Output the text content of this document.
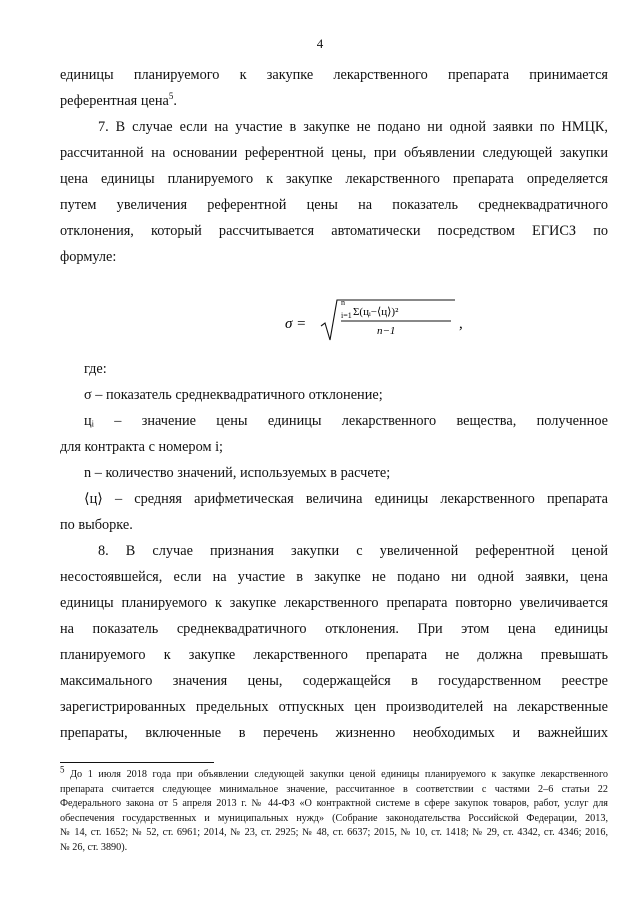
4

единицы планируемого к закупке лекарственного препарата принимается
референтная цена$^5$.

7. В случае если на участие в закупке не подано ни одной заявки по НМЦК,
рассчитанной на основании референтной цены, при объявлении следующей закупки
цена единицы планируемого к закупке лекарственного препарата определяется
путем увеличения референтной цены на показатель среднеквадратичного
отклонения, который рассчитывается автоматически посредством ЕГИСЗ по
формуле:

σ =
n
i=1 Σ(цᵢ−⟨ц⟩)²
n−1	,

где:

σ – показатель среднеквадратичного отклонение;

цᵢ – значение цены единицы лекарственного вещества, полученное
для контракта с номером i;

n – количество значений, используемых в расчете;

⟨ц⟩ – средняя арифметическая величина единицы лекарственного препарата
по выборке.

8. В случае признания закупки с увеличенной референтной ценой
несостоявшейся, если на участие в закупке не подано ни одной заявки, цена
единицы планируемого к закупке лекарственного препарата повторно увеличивается
на показатель среднеквадратичного отклонения. При этом цена единицы
планируемого к закупке лекарственного препарата не должна превышать
максимального значения цены, содержащейся в государственном реестре
зарегистрированных предельных отпускных цен производителей на лекарственные
препараты, включенные в перечень жизненно необходимых и важнейших

$^5$ До 1 июля 2018 года при объявлении следующей закупки ценой единицы планируемого к закупке лекарственного
препарата считается следующее минимальное значение, рассчитанное в соответствии с частями 2–6 статьи 22
Федерального закона от 5 апреля 2013 г. № 44-ФЗ «О контрактной системе в сфере закупок товаров, работ, услуг для
обеспечения государственных и муниципальных нужд» (Собрание законодательства Российской Федерации, 2013,
№ 14, ст. 1652; № 52, ст. 6961; 2014, № 23, ст. 2925; № 48, ст. 6637; 2015, № 10, ст. 1418; № 29, ст. 4342, ст. 4346; 2016,
№ 26, ст. 3890).
